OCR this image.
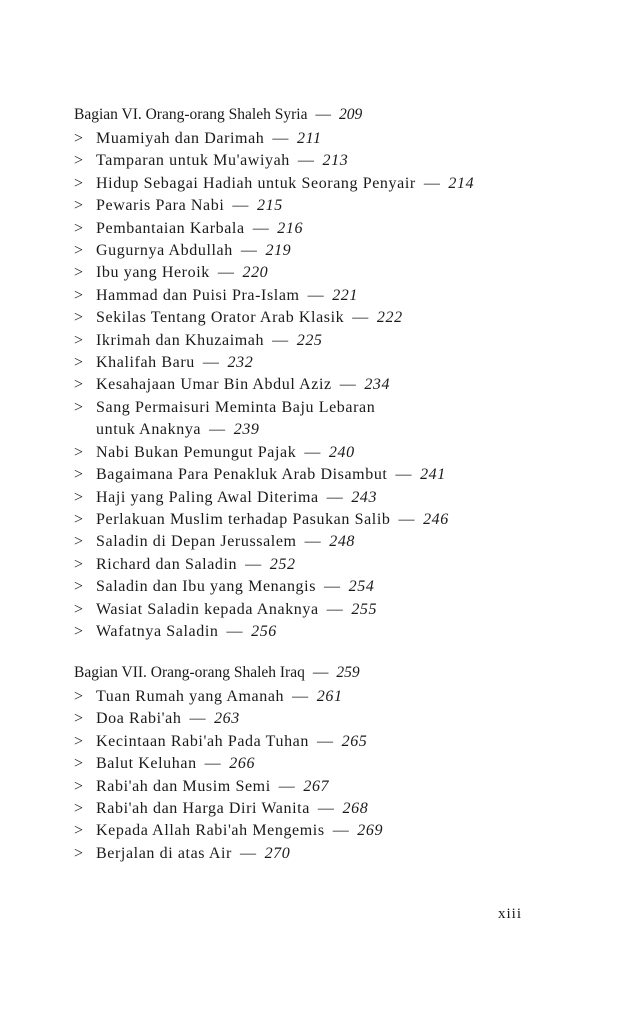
Bagian VI. Orang-orang Shaleh Syria — 209
> Muamiyah dan Darimah — 211
> Tamparan untuk Mu'awiyah — 213
> Hidup Sebagai Hadiah untuk Seorang Penyair — 214
> Pewaris Para Nabi — 215
> Pembantaian Karbala — 216
> Gugurnya Abdullah — 219
> Ibu yang Heroik — 220
> Hammad dan Puisi Pra-Islam — 221
> Sekilas Tentang Orator Arab Klasik — 222
> Ikrimah dan Khuzaimah — 225
> Khalifah Baru — 232
> Kesahajaan Umar Bin Abdul Aziz — 234
> Sang Permaisuri Meminta Baju Lebaran
untuk Anaknya — 239
> Nabi Bukan Pemungut Pajak — 240
> Bagaimana Para Penakluk Arab Disambut — 241
> Haji yang Paling Awal Diterima — 243
> Perlakuan Muslim terhadap Pasukan Salib — 246
> Saladin di Depan Jerussalem — 248
> Richard dan Saladin — 252
> Saladin dan Ibu yang Menangis — 254
> Wasiat Saladin kepada Anaknya — 255
> Wafatnya Saladin — 256
Bagian VII. Orang-orang Shaleh Iraq — 259
> Tuan Rumah yang Amanah — 261
> Doa Rabi'ah — 263
> Kecintaan Rabi'ah Pada Tuhan — 265
> Balut Keluhan — 266
> Rabi'ah dan Musim Semi — 267
> Rabi'ah dan Harga Diri Wanita — 268
> Kepada Allah Rabi'ah Mengemis — 269
> Berjalan di atas Air — 270
xiii
